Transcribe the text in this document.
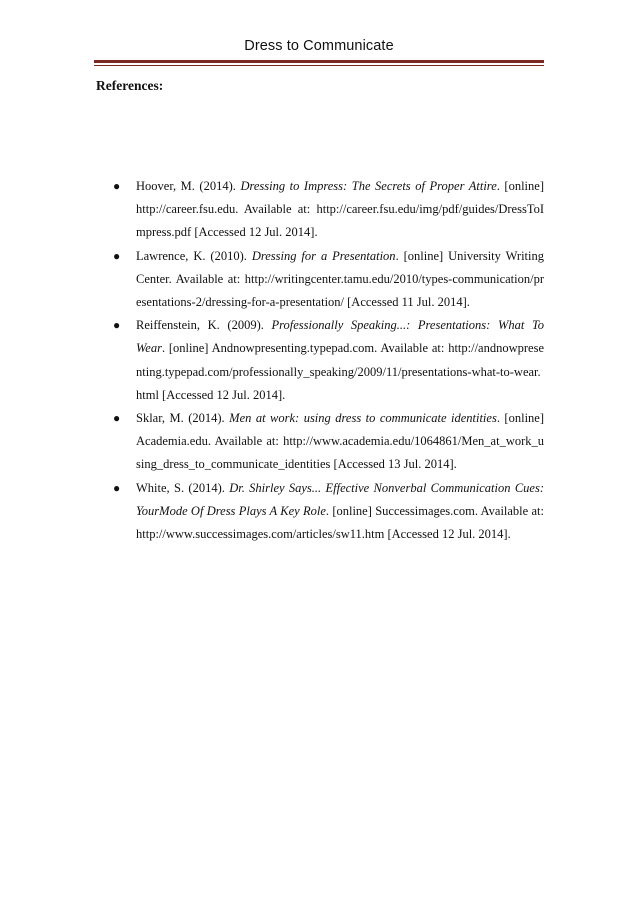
Dress to Communicate
References:
● Hoover, M. (2014). Dressing to Impress: The Secrets of Proper Attire. [online] http://career.fsu.edu. Available at: http://career.fsu.edu/img/pdf/guides/DressToImpress.pdf [Accessed 12 Jul. 2014].
● Lawrence, K. (2010). Dressing for a Presentation. [online] University Writing Center. Available at: http://writingcenter.tamu.edu/2010/types-communication/presentations-2/dressing-for-a-presentation/ [Accessed 11 Jul. 2014].
● Reiffenstein, K. (2009). Professionally Speaking...: Presentations: What To Wear. [online] Andnowpresenting.typepad.com. Available at: http://andnowpresenting.typepad.com/professionally_speaking/2009/11/presentations-what-to-wear.html [Accessed 12 Jul. 2014].
● Sklar, M. (2014). Men at work: using dress to communicate identities. [online] Academia.edu. Available at: http://www.academia.edu/1064861/Men_at_work_using_dress_to_communicate_identities [Accessed 13 Jul. 2014].
● White, S. (2014). Dr. Shirley Says... Effective Nonverbal Communication Cues: YourMode Of Dress Plays A Key Role. [online] Successimages.com. Available at: http://www.successimages.com/articles/sw11.htm [Accessed 12 Jul. 2014].
